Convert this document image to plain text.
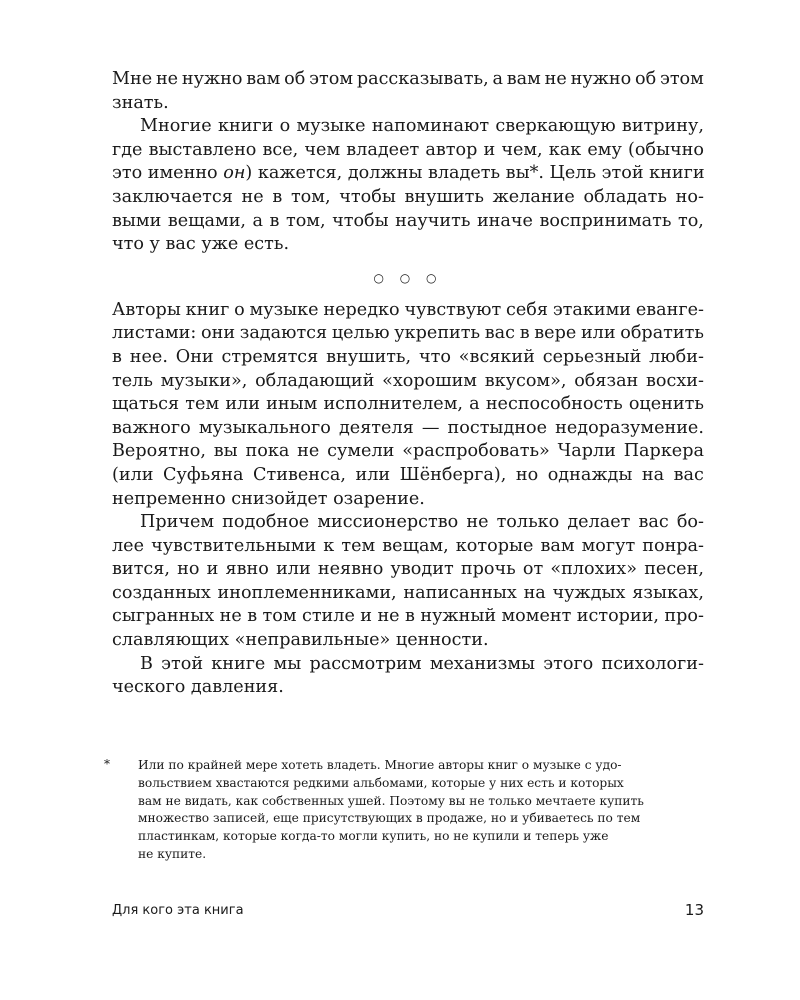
Мне не нужно вам об этом рассказывать, а вам не нужно об этом
знать.
Многие книги о музыке напоминают сверкающую витрину,
где выставлено все, чем владеет автор и чем, как ему (обычно
это именно он ) кажется, должны владеть вы*. Цель этой книги
заключается не в том, чтобы внушить желание обладать но-
выми вещами, а в том, чтобы научить иначе воспринимать то,
что у вас уже есть.
○ ○ ○
Авторы книг о музыке нередко чувствуют себя этакими еванге-
листами: они задаются целью укрепить вас в вере или обратить
в нее. Они стремятся внушить, что «всякий серьезный люби-
тель музыки», обладающий «хорошим вкусом», обязан восхи-
щаться тем или иным исполнителем, а неспособность оценить
важного музыкального деятеля — постыдное недоразумение.
Вероятно, вы пока не сумели «распробовать» Чарли Паркера
(или Суфьяна Стивенса, или Шёнберга), но однажды на вас
непременно снизойдет озарение.
Причем подобное миссионерство не только делает вас бо-
лее чувствительными к тем вещам, которые вам могут понра-
вится, но и явно или неявно уводит прочь от «плохих» песен,
созданных иноплеменниками, написанных на чуждых языках,
сыгранных не в том стиле и не в нужный момент истории, про-
славляющих «неправильные» ценности.
В этой книге мы рассмотрим механизмы этого психологи-
ческого давления.
* Или по крайней мере хотеть владеть. Многие авторы книг о музыке с удо-
вольствием хвастаются редкими альбомами, которые у них есть и которых
вам не видать, как собственных ушей. Поэтому вы не только мечтаете купить
множество записей, еще присутствующих в продаже, но и убиваетесь по тем
пластинкам, которые когда-то могли купить, но не купили и теперь уже
не купите.
Для кого эта книга	13
